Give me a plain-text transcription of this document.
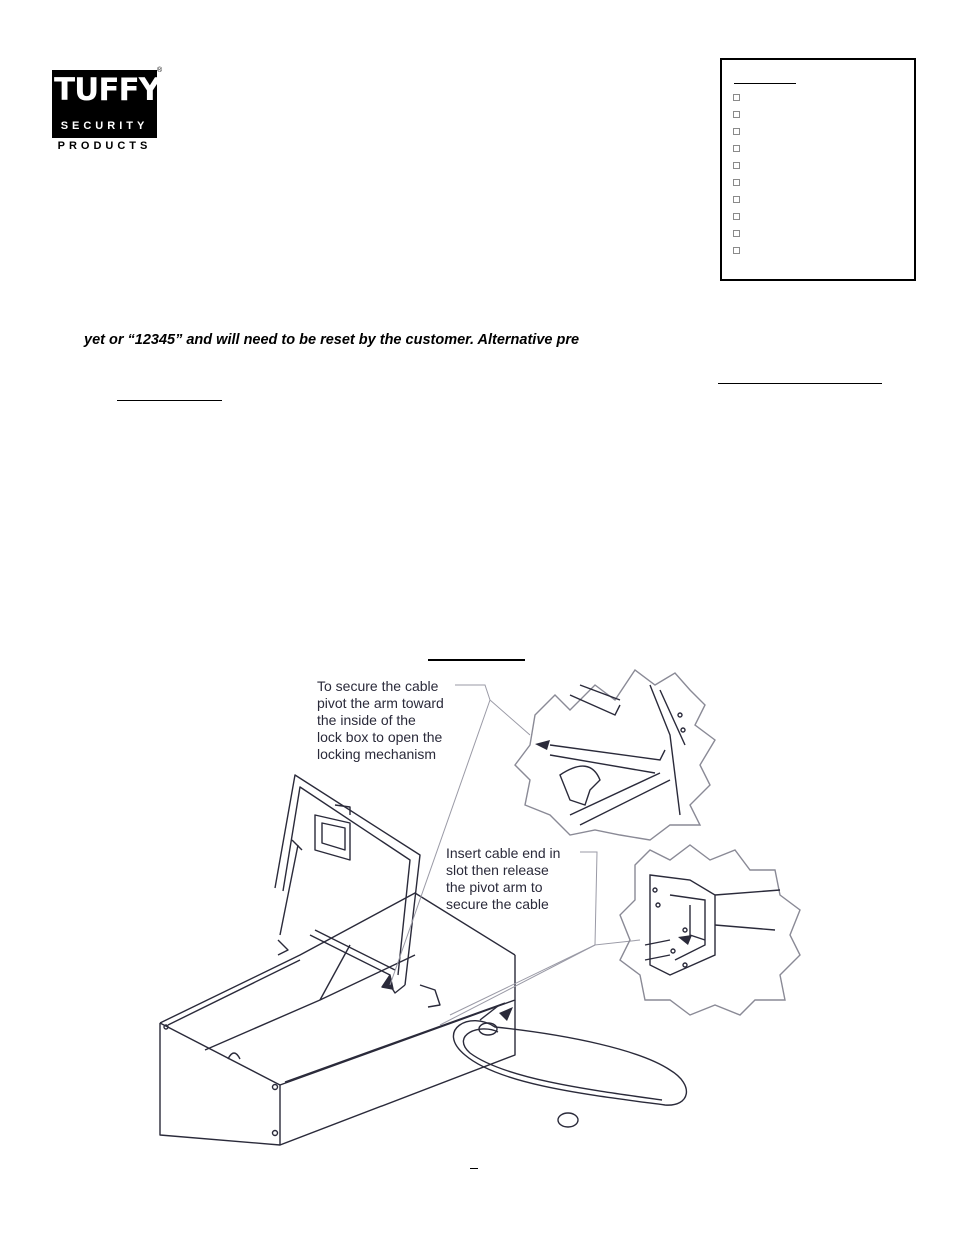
TUFFY
SECURITY
PRODUCTS
®
yet or “12345” and will need to be reset by the customer. Alternative pre
To secure the cable
pivot the arm toward
the inside of the
lock box to open the
locking mechanism
Insert cable end in
slot then release
the pivot arm to
secure the cable
